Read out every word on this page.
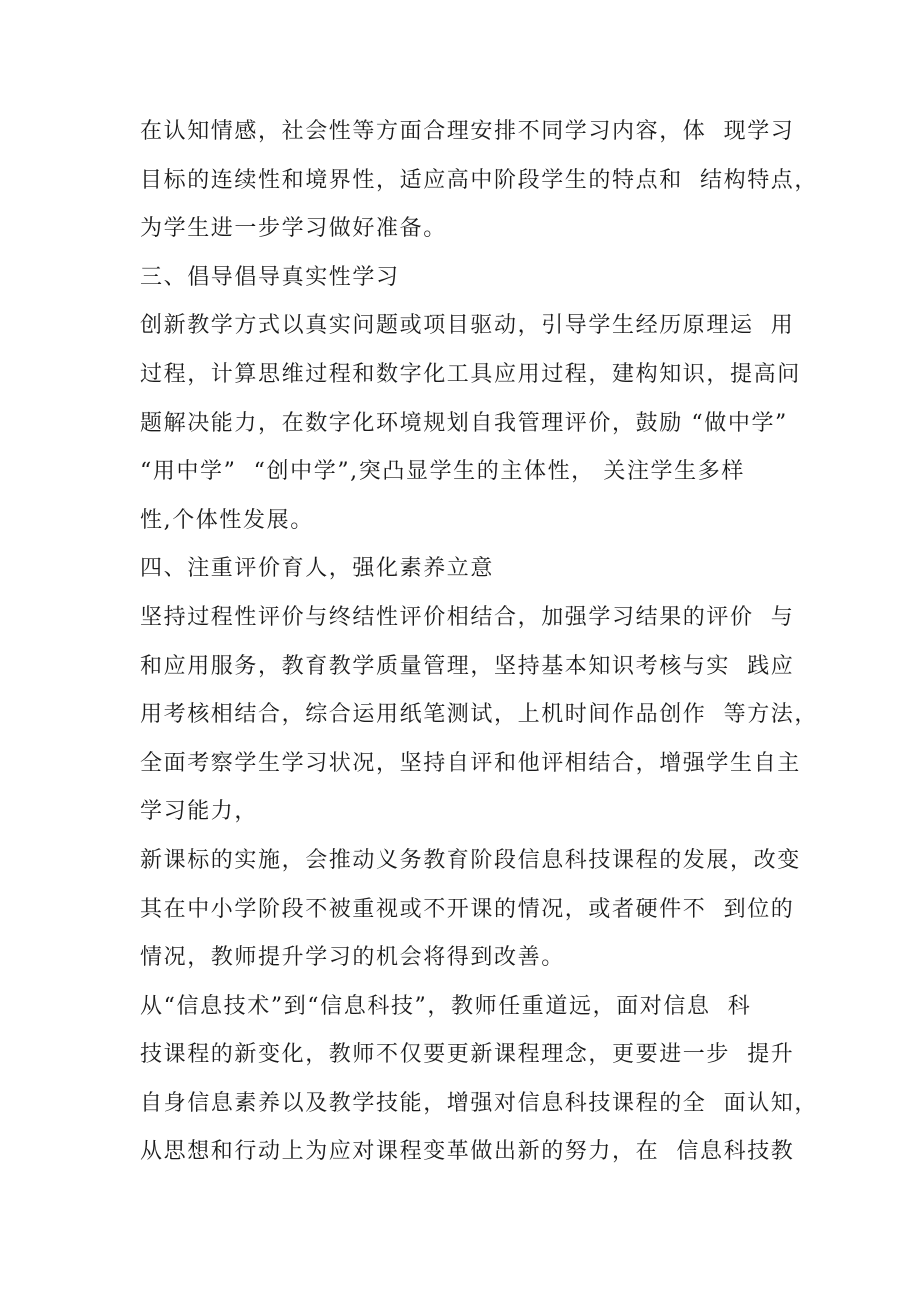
在认知情感，社会性等方面合理安排不同学习内容，体  现学习
目标的连续性和境界性，适应高中阶段学生的特点和  结构特点，
为学生进一步学习做好准备。
三、倡导倡导真实性学习
创新教学方式以真实问题或项目驱动，引导学生经历原理运  用
过程，计算思维过程和数字化工具应用过程，建构知识，提高问
题解决能力，在数字化环境规划自我管理评价，鼓励 “做中学”
“用中学”  “创中学”,突凸显学生的主体性， 关注学生多样
性,个体性发展。
四、注重评价育人，强化素养立意
坚持过程性评价与终结性评价相结合，加强学习结果的评价  与
和应用服务，教育教学质量管理，坚持基本知识考核与实  践应
用考核相结合，综合运用纸笔测试，上机时间作品创作  等方法，
全面考察学生学习状况，坚持自评和他评相结合，增强学生自主
学习能力，
新课标的实施，会推动义务教育阶段信息科技课程的发展，改变
其在中小学阶段不被重视或不开课的情况，或者硬件不  到位的
情况，教师提升学习的机会将得到改善。
从“信息技术”到“信息科技”，教师任重道远，面对信息  科
技课程的新变化，教师不仅要更新课程理念，更要进一步  提升
自身信息素养以及教学技能，增强对信息科技课程的全  面认知，
从思想和行动上为应对课程变革做出新的努力，在  信息科技教
